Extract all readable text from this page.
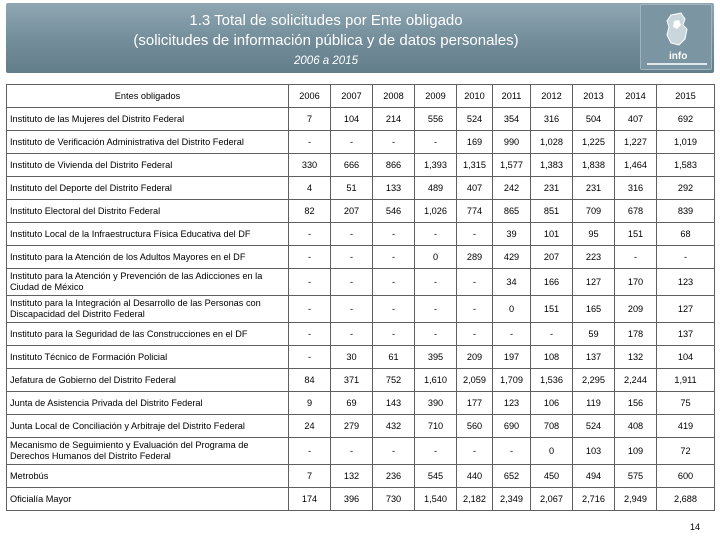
1.3 Total de solicitudes por Ente obligado
(solicitudes de información pública y de datos personales)
2006 a 2015	info
Entes obligados	2006	2007	2008	2009	2010	2011	2012	2013	2014	2015
Instituto de las Mujeres del Distrito Federal	7	104	214	556	524	354	316	504	407	692
Instituto de Verificación Administrativa del Distrito Federal	-	-	-	-	169	990	1,028	1,225	1,227	1,019
Instituto de Vivienda del Distrito Federal	330	666	866	1,393	1,315	1,577	1,383	1,838	1,464	1,583
Instituto del Deporte del Distrito Federal	4	51	133	489	407	242	231	231	316	292
Instituto Electoral del Distrito Federal	82	207	546	1,026	774	865	851	709	678	839
Instituto Local de la Infraestructura Física Educativa del DF	-	-	-	-	-	39	101	95	151	68
Instituto para la Atención de los Adultos Mayores en el DF	-	-	-	0	289	429	207	223	-	-
Instituto para la Atención y Prevención de las Adicciones en la Ciudad de México	-	-	-	-	-	34	166	127	170	123
Instituto para la Integración al Desarrollo de las Personas con Discapacidad del Distrito Federal	-	-	-	-	-	0	151	165	209	127
Instituto para la Seguridad de las Construcciones en el DF	-	-	-	-	-	-	-	59	178	137
Instituto Técnico de Formación Policial	-	30	61	395	209	197	108	137	132	104
Jefatura de Gobierno del Distrito Federal	84	371	752	1,610	2,059	1,709	1,536	2,295	2,244	1,911
Junta de Asistencia Privada del Distrito Federal	9	69	143	390	177	123	106	119	156	75
Junta Local de Conciliación y Arbitraje del Distrito Federal	24	279	432	710	560	690	708	524	408	419
Mecanismo de Seguimiento y Evaluación del Programa de Derechos Humanos del Distrito Federal	-	-	-	-	-	-	0	103	109	72
Metrobús	7	132	236	545	440	652	450	494	575	600
Oficialía Mayor	174	396	730	1,540	2,182	2,349	2,067	2,716	2,949	2,688
14
